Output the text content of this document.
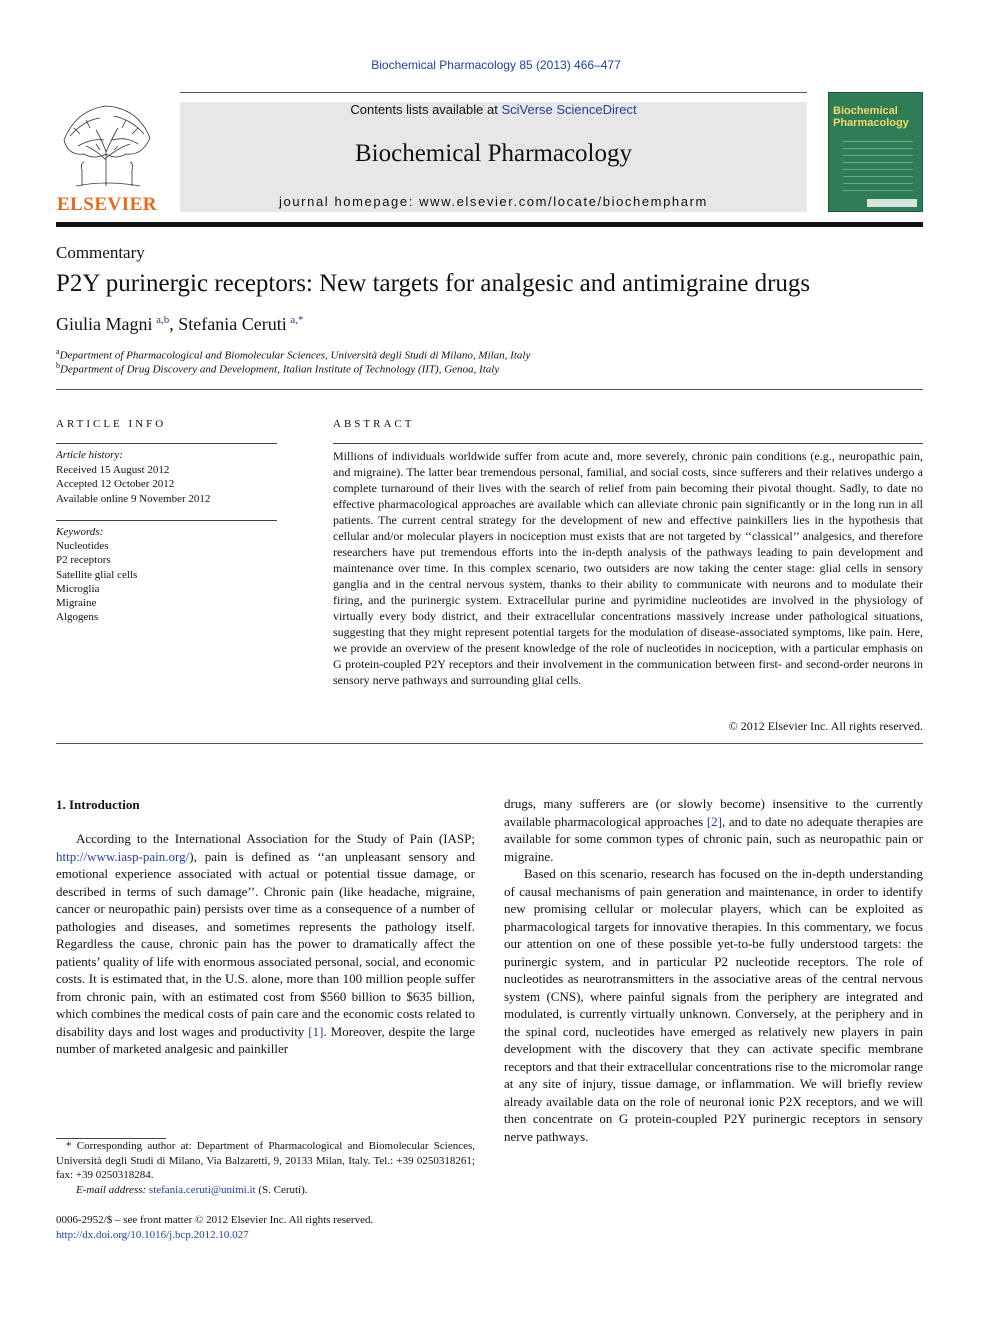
Biochemical Pharmacology 85 (2013) 466–477
ELSEVIER
Contents lists available at SciVerse ScienceDirect
Biochemical Pharmacology
journal homepage: www.elsevier.com/locate/biochempharm
Biochemical Pharmacology
Commentary
P2Y purinergic receptors: New targets for analgesic and antimigraine drugs
Giulia Magni  $^{a,b}$, Stefania Ceruti  $^{a,*}$
$^a$Department of Pharmacological and Biomolecular Sciences, Università degli Studi di Milano, Milan, Italy
$^b$Department of Drug Discovery and Development, Italian Institute of Technology (IIT), Genoa, Italy
ARTICLE INFO
Article history:
Received 15 August 2012
Accepted 12 October 2012
Available online 9 November 2012
Keywords:
Nucleotides
P2 receptors
Satellite glial cells
Microglia
Migraine
Algogens
ABSTRACT
Millions of individuals worldwide suffer from acute and, more severely, chronic pain conditions (e.g., neuropathic pain, and migraine). The latter bear tremendous personal, familial, and social costs, since sufferers and their relatives undergo a complete turnaround of their lives with the search of relief from pain becoming their pivotal thought. Sadly, to date no effective pharmacological approaches are available which can alleviate chronic pain significantly or in the long run in all patients. The current central strategy for the development of new and effective painkillers lies in the hypothesis that cellular and/or molecular players in nociception must exists that are not targeted by ‘‘classical’’ analgesics, and therefore researchers have put tremendous efforts into the in-depth analysis of the pathways leading to pain development and maintenance over time. In this complex scenario, two outsiders are now taking the center stage: glial cells in sensory ganglia and in the central nervous system, thanks to their ability to communicate with neurons and to modulate their firing, and the purinergic system. Extracellular purine and pyrimidine nucleotides are involved in the physiology of virtually every body district, and their extracellular concentrations massively increase under pathological situations, suggesting that they might represent potential targets for the modulation of disease-associated symptoms, like pain. Here, we provide an overview of the present knowledge of the role of nucleotides in nociception, with a particular emphasis on G protein-coupled P2Y receptors and their involvement in the communication between first- and second-order neurons in sensory nerve pathways and surrounding glial cells.
© 2012 Elsevier Inc. All rights reserved.
1. Introduction

According to the International Association for the Study of Pain (IASP; http://www.iasp-pain.org/), pain is defined as ‘‘an unpleasant sensory and emotional experience associated with actual or potential tissue damage, or described in terms of such damage’’. Chronic pain (like headache, migraine, cancer or neuropathic pain) persists over time as a consequence of a number of pathologies and diseases, and sometimes represents the pathology itself. Regardless the cause, chronic pain has the power to dramatically affect the patients’ quality of life with enormous associated personal, social, and economic costs. It is estimated that, in the U.S. alone, more than 100 million people suffer from chronic pain, with an estimated cost from $560 billion to $635 billion, which combines the medical costs of pain care and the economic costs related to disability days and lost wages and productivity [1]. Moreover, despite the large number of marketed analgesic and painkiller

drugs, many sufferers are (or slowly become) insensitive to the currently available pharmacological approaches [2], and to date no adequate therapies are available for some common types of chronic pain, such as neuropathic pain or migraine.

Based on this scenario, research has focused on the in-depth understanding of causal mechanisms of pain generation and maintenance, in order to identify new promising cellular or molecular players, which can be exploited as pharmacological targets for innovative therapies. In this commentary, we focus our attention on one of these possible yet-to-be fully understood targets: the purinergic system, and in particular P2 nucleotide receptors. The role of nucleotides as neurotransmitters in the associative areas of the central nervous system (CNS), where painful signals from the periphery are integrated and modulated, is currently virtually unknown. Conversely, at the periphery and in the spinal cord, nucleotides have emerged as relatively new players in pain development with the discovery that they can activate specific membrane receptors and that their extracellular concentrations rise to the micromolar range at any site of injury, tissue damage, or inflammation. We will briefly review already available data on the role of neuronal ionic P2X receptors, and we will then concentrate on G protein-coupled P2Y purinergic receptors in sensory nerve pathways.

* Corresponding author at: Department of Pharmacological and Biomolecular Sciences, Università degli Studi di Milano, Via Balzaretti, 9, 20133 Milan, Italy. Tel.: +39 0250318261; fax: +39 0250318284.
E-mail address: stefania.ceruti@unimi.it (S. Ceruti).
0006-2952/$ – see front matter © 2012 Elsevier Inc. All rights reserved.
http://dx.doi.org/10.1016/j.bcp.2012.10.027
